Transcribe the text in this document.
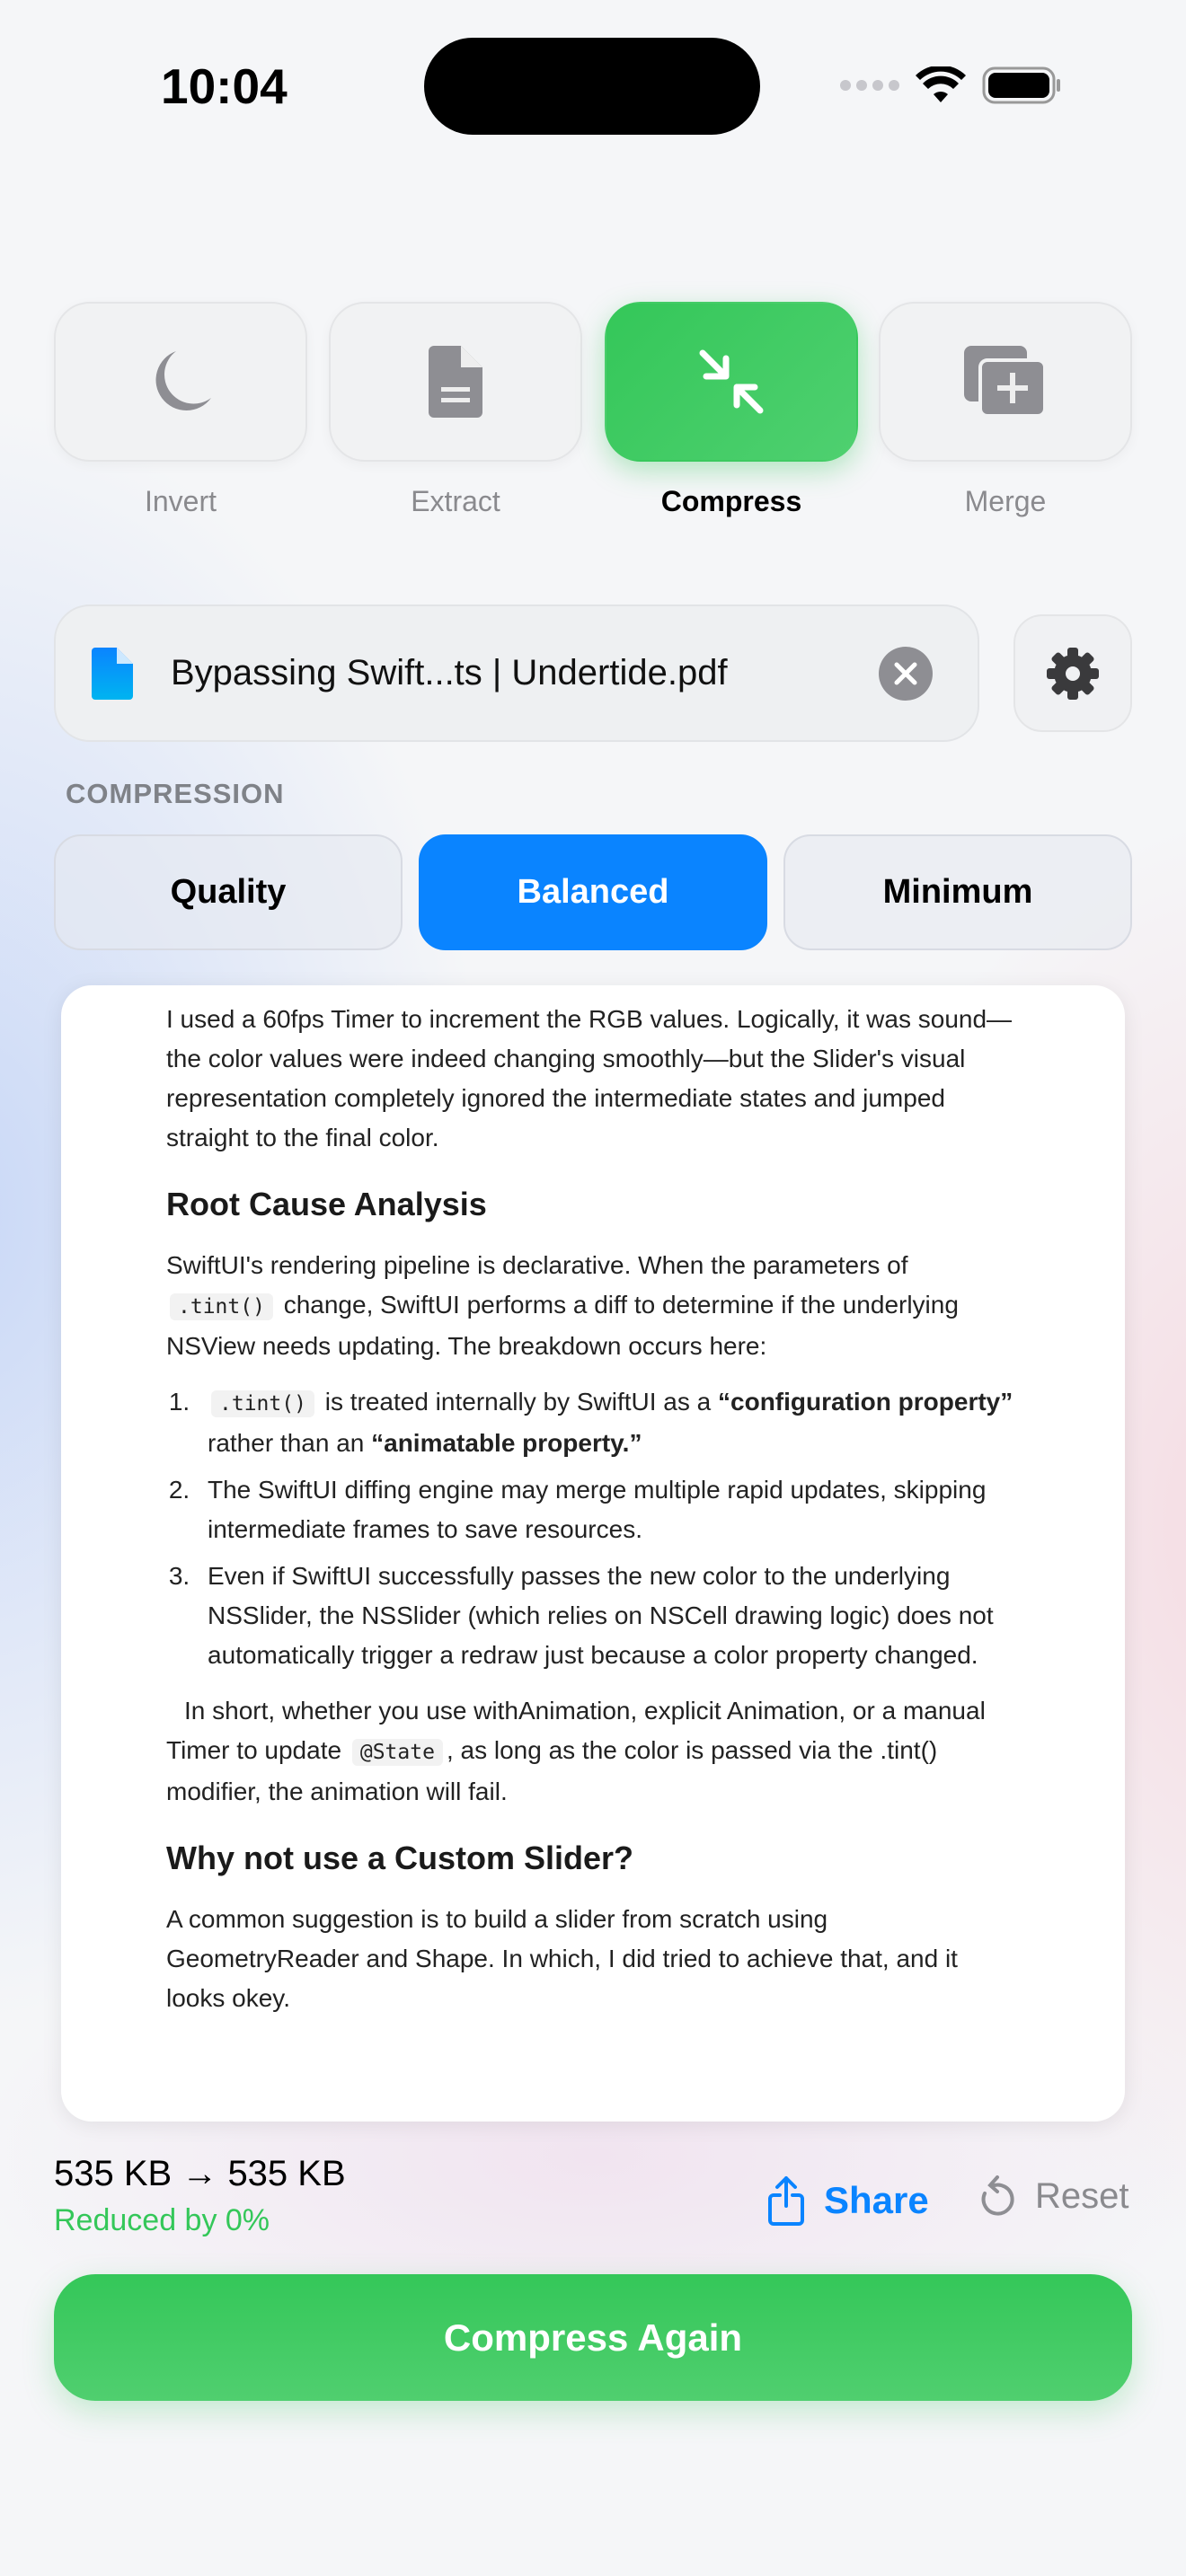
10:04
Invert	Extract	Compress	Merge
Bypassing Swift...ts | Undertide.pdf
COMPRESSION
Quality	Balanced	Minimum

I used a 60fps Timer to increment the RGB values. Logically, it was sound—the color values were indeed changing smoothly—but the Slider's visual representation completely ignored the intermediate states and jumped straight to the final color.

Root Cause Analysis

SwiftUI's rendering pipeline is declarative. When the parameters of .tint() change, SwiftUI performs a diff to determine if the underlying NSView needs updating. The breakdown occurs here:

1. .tint() is treated internally by SwiftUI as a “configuration property” rather than an “animatable property.”
2. The SwiftUI diffing engine may merge multiple rapid updates, skipping intermediate frames to save resources.
3. Even if SwiftUI successfully passes the new color to the underlying NSSlider, the NSSlider (which relies on NSCell drawing logic) does not automatically trigger a redraw just because a color property changed.

In short, whether you use withAnimation, explicit Animation, or a manual Timer to update @State , as long as the color is passed via the .tint() modifier, the animation will fail.

Why not use a Custom Slider?

A common suggestion is to build a slider from scratch using GeometryReader and Shape. In which, I did tried to achieve that, and it looks okey.

535 KB → 535 KB
Reduced by 0%	Share	Reset
Compress Again
